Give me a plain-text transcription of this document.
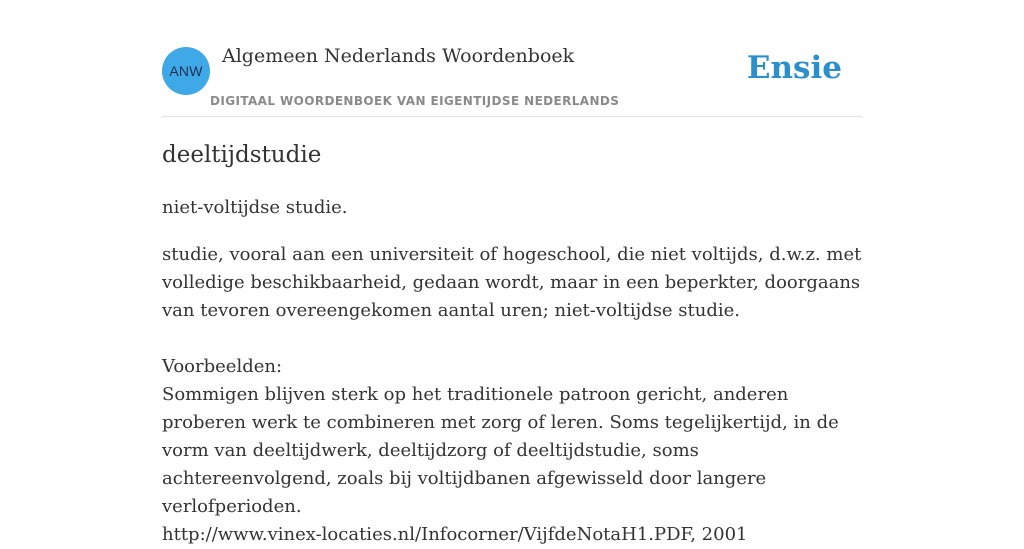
ANW
Algemeen Nederlands Woordenboek
DIGITAAL WOORDENBOEK VAN EIGENTIJDSE NEDERLANDS
Ensie
deeltijdstudie

niet-voltijdse studie.

studie, vooral aan een universiteit of hogeschool, die niet voltijds, d.w.z. met volledige beschikbaarheid, gedaan wordt, maar in een beperkter, doorgaans van tevoren overeengekomen aantal uren; niet-voltijdse studie.

Voorbeelden:

Sommigen blijven sterk op het traditionele patroon gericht, anderen proberen werk te combineren met zorg of leren. Soms tegelijkertijd, in de vorm van deeltijdwerk, deeltijdzorg of deeltijdstudie, soms achtereenvolgend, zoals bij voltijdbanen afgewisseld door langere verlofperioden.

http://www.vinex-locaties.nl/Infocorner/VijfdeNotaH1.PDF, 2001
